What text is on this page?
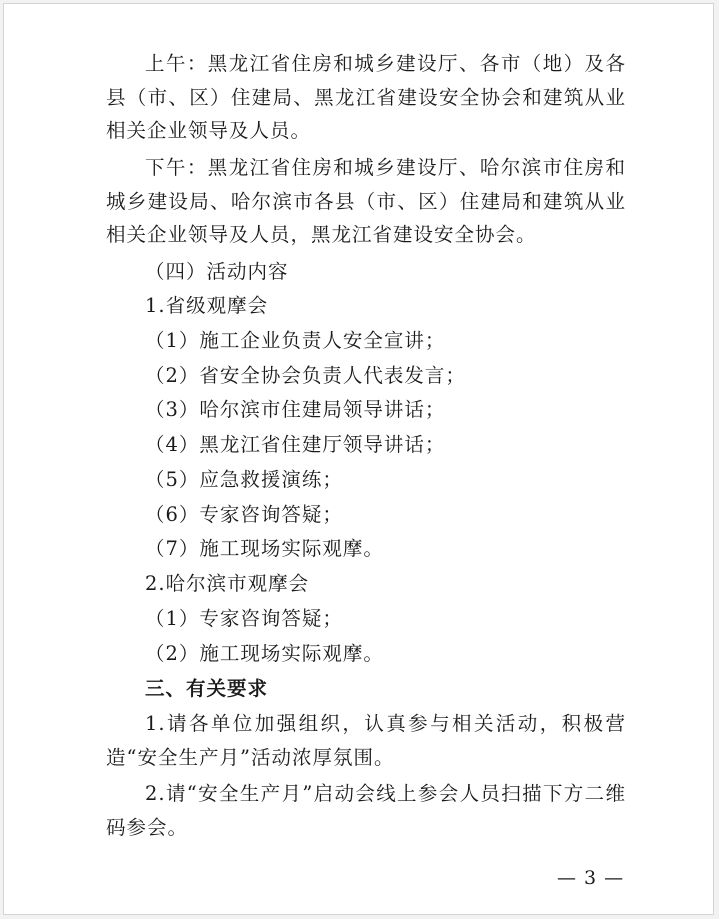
上午：黑龙江省住房和城乡建设厅、各市（地）及各县（市、区）住建局、黑龙江省建设安全协会和建筑从业相关企业领导及人员。

下午：黑龙江省住房和城乡建设厅、哈尔滨市住房和城乡建设局、哈尔滨市各县（市、区）住建局和建筑从业相关企业领导及人员，黑龙江省建设安全协会。

（四）活动内容

1.省级观摩会

（1）施工企业负责人安全宣讲；

（2）省安全协会负责人代表发言；

（3）哈尔滨市住建局领导讲话；

（4）黑龙江省住建厅领导讲话；

（5）应急救援演练；

（6）专家咨询答疑；

（7）施工现场实际观摩。

2.哈尔滨市观摩会

（1）专家咨询答疑；

（2）施工现场实际观摩。

三、有关要求

1.请各单位加强组织，认真参与相关活动，积极营造“安全生产月”活动浓厚氛围。

2.请“安全生产月”启动会线上参会人员扫描下方二维码参会。

— 3 —
